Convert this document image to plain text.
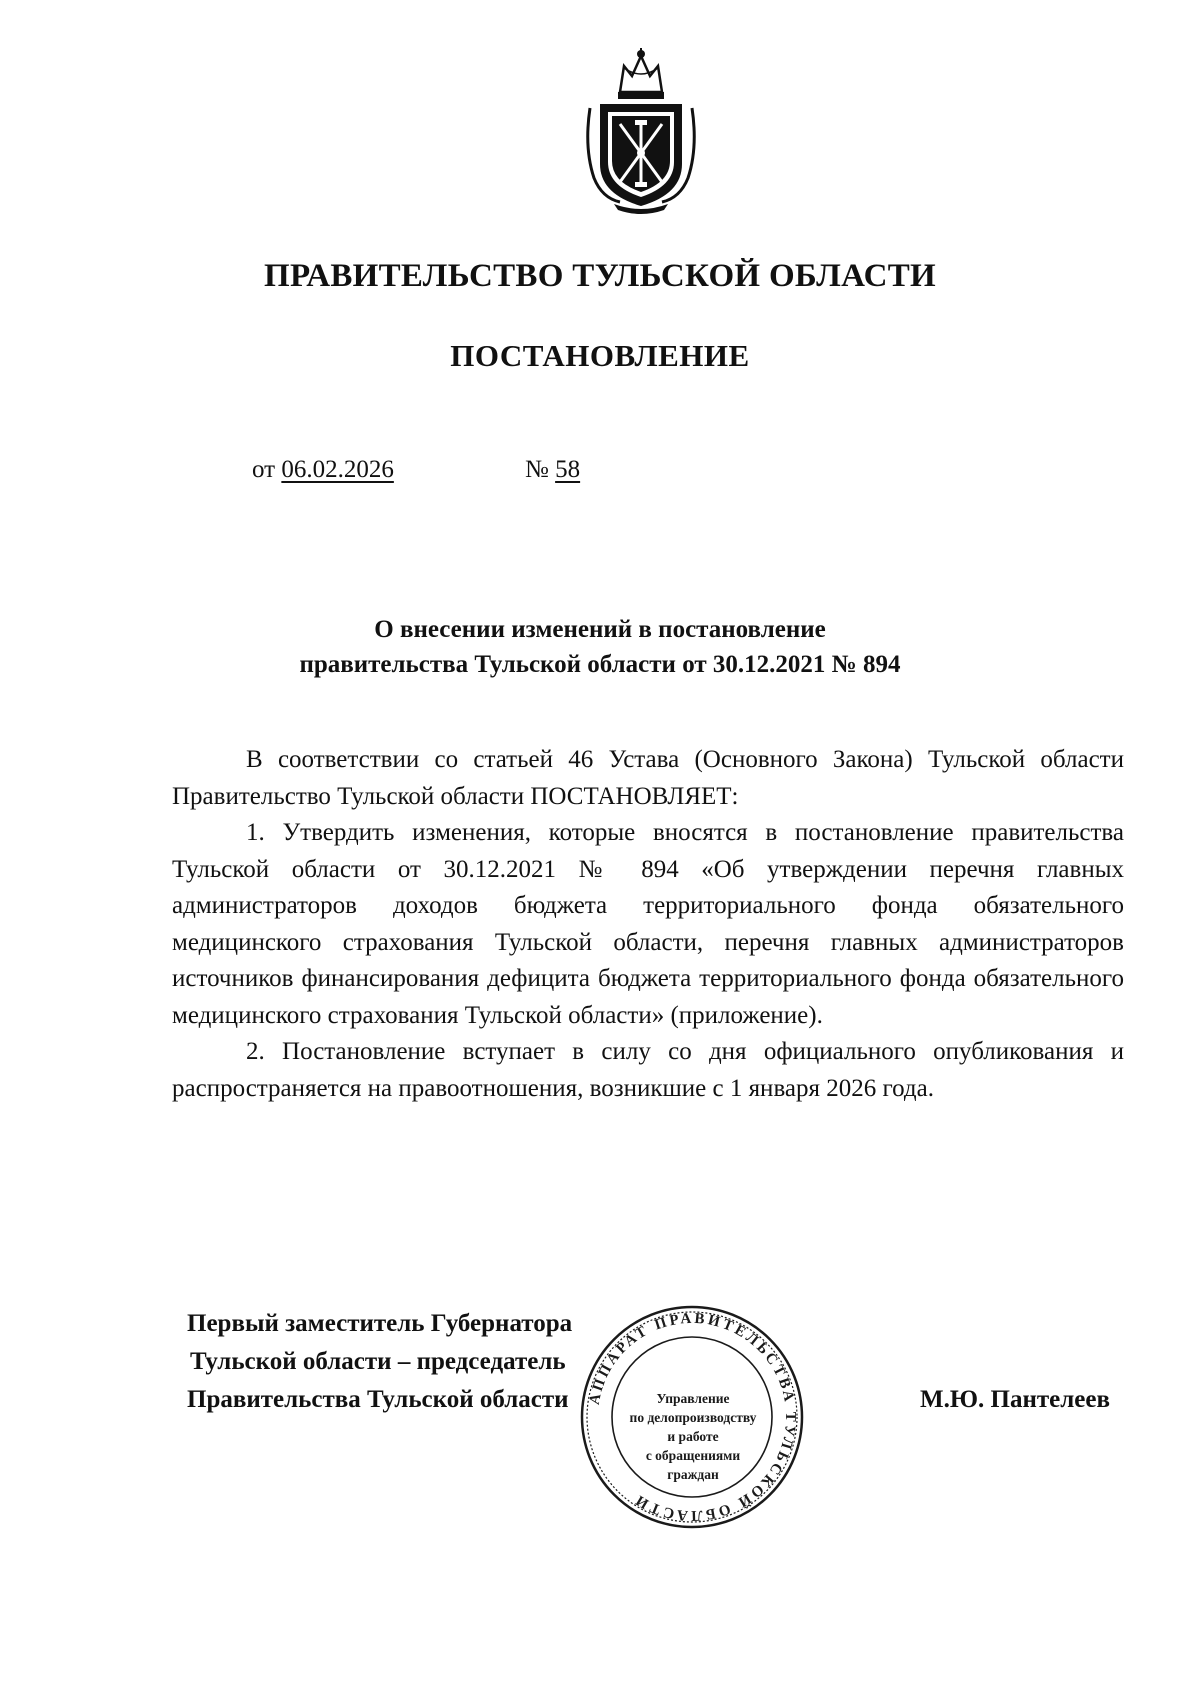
ПРАВИТЕЛЬСТВО ТУЛЬСКОЙ ОБЛАСТИ
ПОСТАНОВЛЕНИЕ
от 06.02.2026	№ 58
О внесении изменений в постановление
правительства Тульской области от 30.12.2021 № 894

В соответствии со статьей 46 Устава (Основного Закона) Тульской области Правительство Тульской области ПОСТАНОВЛЯЕТ:

1. Утвердить изменения, которые вносятся в постановление правительства Тульской области от 30.12.2021 № 894 «Об утверждении перечня главных администраторов доходов бюджета территориального фонда обязательного медицинского страхования Тульской области, перечня главных администраторов источников финансирования дефицита бюджета территориального фонда обязательного медицинского страхования Тульской области» (приложение).

2. Постановление вступает в силу со дня официального опубликования и распространяется на правоотношения, возникшие с 1 января 2026 года.

Первый заместитель Губернатора
Тульской области – председатель
Правительства Тульской области	М.Ю. Пантелеев
АППАРАТ ПРАВИТЕЛЬСТВА ТУЛЬСКОЙ ОБЛАСТИ
Управление
по делопроизводству
и работе
с обращениями
граждан
